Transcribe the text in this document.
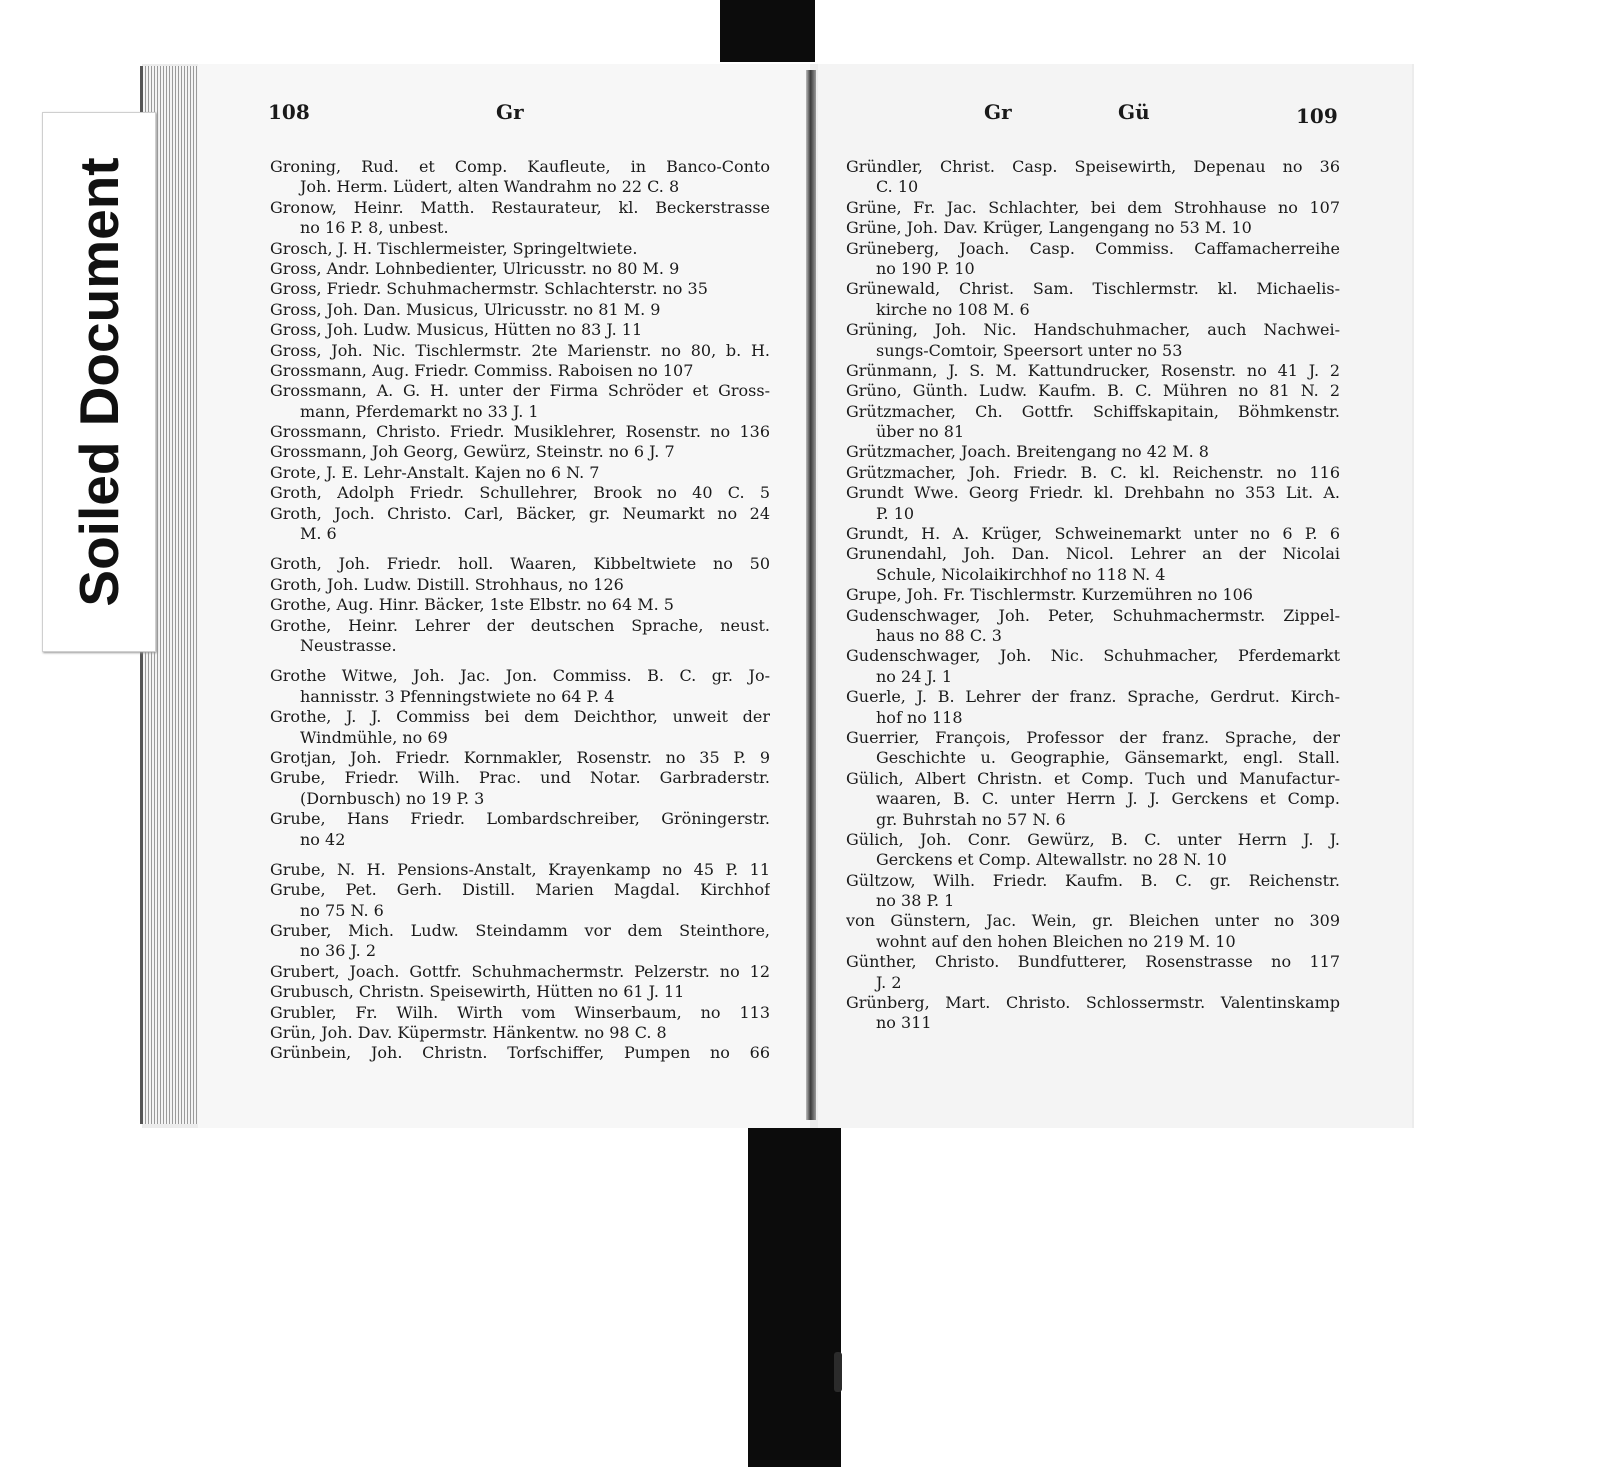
Soiled Document
108	Gr	Gr	Gü	109
Groning, Rud. et Comp. Kaufleute, in Banco-Conto
Joh. Herm. Lüdert, alten Wandrahm no 22 C. 8
Gronow, Heinr. Matth. Restaurateur, kl. Beckerstrasse
no 16 P. 8, unbest.
Grosch, J. H. Tischlermeister, Springeltwiete.
Gross, Andr. Lohnbedienter, Ulricusstr. no 80 M. 9
Gross, Friedr. Schuhmachermstr. Schlachterstr. no 35
Gross, Joh. Dan. Musicus, Ulricusstr. no 81 M. 9
Gross, Joh. Ludw. Musicus, Hütten no 83 J. 11
Gross, Joh. Nic. Tischlermstr. 2te Marienstr. no 80, b. H.
Grossmann, Aug. Friedr. Commiss. Raboisen no 107
Grossmann, A. G. H. unter der Firma Schröder et Gross-
mann, Pferdemarkt no 33 J. 1
Grossmann, Christo. Friedr. Musiklehrer, Rosenstr. no 136
Grossmann, Joh Georg, Gewürz, Steinstr. no 6 J. 7
Grote, J. E. Lehr-Anstalt. Kajen no 6 N. 7
Groth, Adolph Friedr. Schullehrer, Brook no 40 C. 5
Groth, Joch. Christo. Carl, Bäcker, gr. Neumarkt no 24
M. 6
Groth, Joh. Friedr. holl. Waaren, Kibbeltwiete no 50
Groth, Joh. Ludw. Distill. Strohhaus, no 126
Grothe, Aug. Hinr. Bäcker, 1ste Elbstr. no 64 M. 5
Grothe, Heinr. Lehrer der deutschen Sprache, neust.
Neustrasse.
Grothe Witwe, Joh. Jac. Jon. Commiss. B. C. gr. Jo-
hannisstr. 3 Pfenningstwiete no 64 P. 4
Grothe, J. J. Commiss bei dem Deichthor, unweit der
Windmühle, no 69
Grotjan, Joh. Friedr. Kornmakler, Rosenstr. no 35 P. 9
Grube, Friedr. Wilh. Prac. und Notar. Garbraderstr.
(Dornbusch) no 19 P. 3
Grube, Hans Friedr. Lombardschreiber, Gröningerstr.
no 42
Grube, N. H. Pensions-Anstalt, Krayenkamp no 45 P. 11
Grube, Pet. Gerh. Distill. Marien Magdal. Kirchhof
no 75 N. 6
Gruber, Mich. Ludw. Steindamm vor dem Steinthore,
no 36 J. 2
Grubert, Joach. Gottfr. Schuhmachermstr. Pelzerstr. no 12
Grubusch, Christn. Speisewirth, Hütten no 61 J. 11
Grubler, Fr. Wilh. Wirth vom Winserbaum, no 113
Grün, Joh. Dav. Küpermstr. Hänkentw. no 98 C. 8
Grünbein, Joh. Christn. Torfschiffer, Pumpen no 66
Gründler, Christ. Casp. Speisewirth, Depenau no 36
C. 10
Grüne, Fr. Jac. Schlachter, bei dem Strohhause no 107
Grüne, Joh. Dav. Krüger, Langengang no 53 M. 10
Grüneberg, Joach. Casp. Commiss. Caffamacherreihe
no 190 P. 10
Grünewald, Christ. Sam. Tischlermstr. kl. Michaelis-
kirche no 108 M. 6
Grüning, Joh. Nic. Handschuhmacher, auch Nachwei-
sungs-Comtoir, Speersort unter no 53
Grünmann, J. S. M. Kattundrucker, Rosenstr. no 41 J. 2
Grüno, Günth. Ludw. Kaufm. B. C. Mühren no 81 N. 2
Grützmacher, Ch. Gottfr. Schiffskapitain, Böhmkenstr.
über no 81
Grützmacher, Joach. Breitengang no 42 M. 8
Grützmacher, Joh. Friedr. B. C. kl. Reichenstr. no 116
Grundt Wwe. Georg Friedr. kl. Drehbahn no 353 Lit. A.
P. 10
Grundt, H. A. Krüger, Schweinemarkt unter no 6 P. 6
Grunendahl, Joh. Dan. Nicol. Lehrer an der Nicolai
Schule, Nicolaikirchhof no 118 N. 4
Grupe, Joh. Fr. Tischlermstr. Kurzemühren no 106
Gudenschwager, Joh. Peter, Schuhmachermstr. Zippel-
haus no 88 C. 3
Gudenschwager, Joh. Nic. Schuhmacher, Pferdemarkt
no 24 J. 1
Guerle, J. B. Lehrer der franz. Sprache, Gerdrut. Kirch-
hof no 118
Guerrier, François, Professor der franz. Sprache, der
Geschichte u. Geographie, Gänsemarkt, engl. Stall.
Gülich, Albert Christn. et Comp. Tuch und Manufactur-
waaren, B. C. unter Herrn J. J. Gerckens et Comp.
gr. Buhrstah no 57 N. 6
Gülich, Joh. Conr. Gewürz, B. C. unter Herrn J. J.
Gerckens et Comp. Altewallstr. no 28 N. 10
Gültzow, Wilh. Friedr. Kaufm. B. C. gr. Reichenstr.
no 38 P. 1
von Günstern, Jac. Wein, gr. Bleichen unter no 309
wohnt auf den hohen Bleichen no 219 M. 10
Günther, Christo. Bundfutterer, Rosenstrasse no 117
J. 2
Grünberg, Mart. Christo. Schlossermstr. Valentinskamp
no 311
